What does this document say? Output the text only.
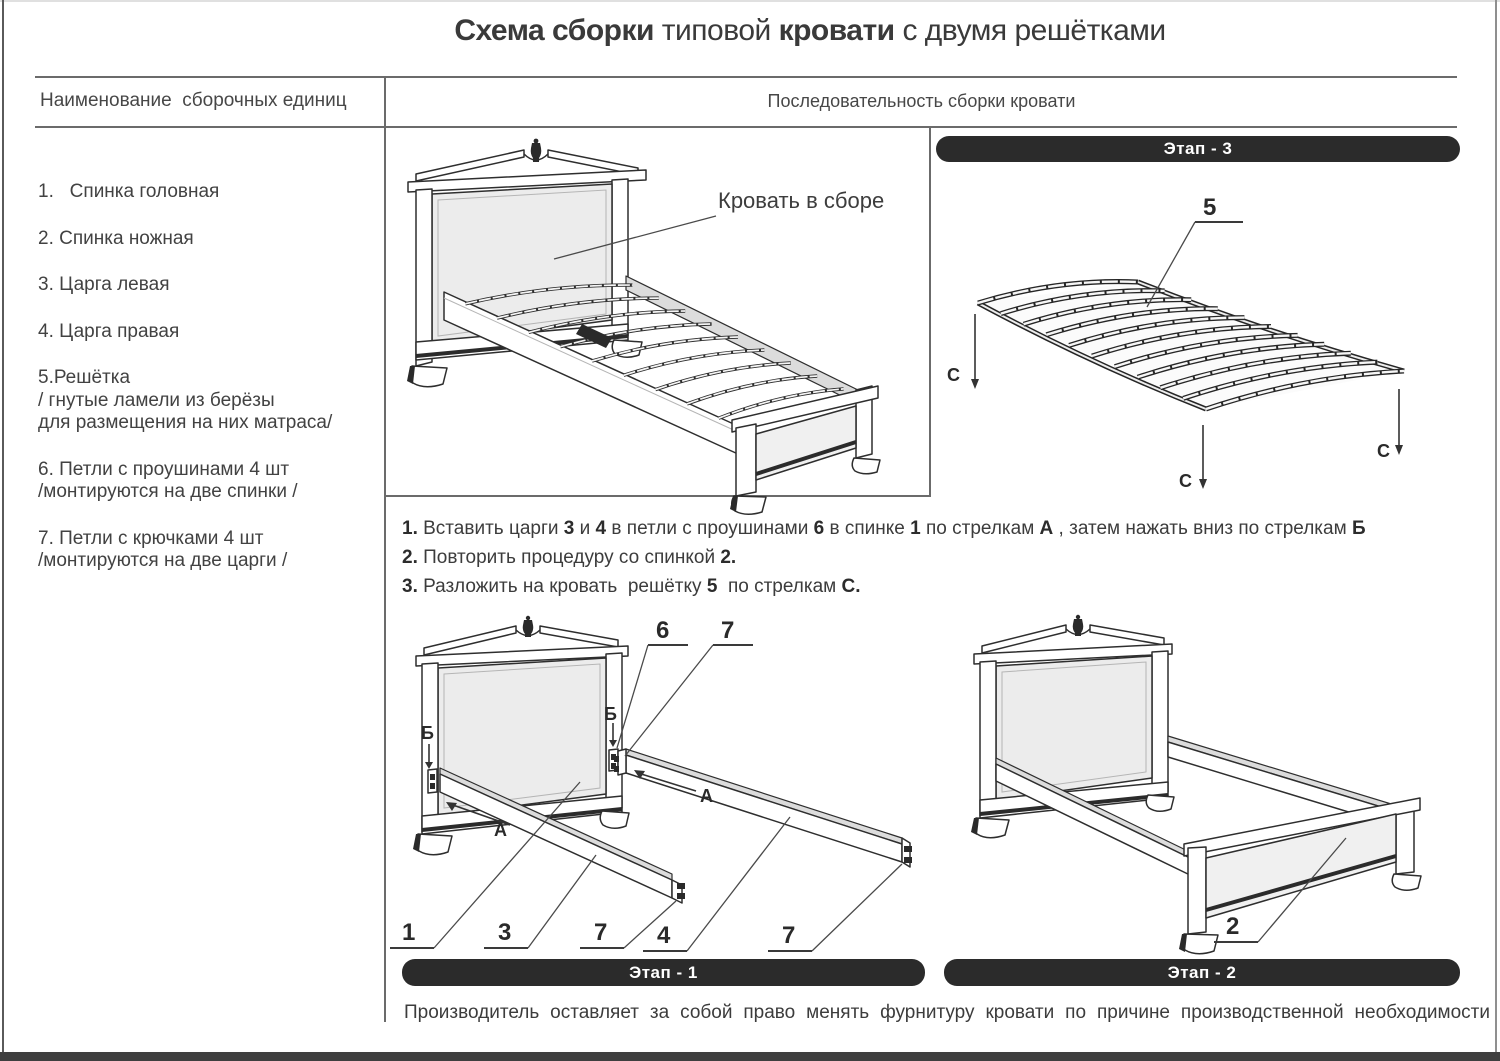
Схема сборки типовой кровати с двумя решётками
Наименование  сборочных единиц	Последовательность сборки кровати
1.   Спинка головная
2. Спинка ножная
3. Царга левая
4. Царга правая
5.Решётка
/ гнутые ламели из берёзы
для размещения на них матраса/
6. Петли с проушинами 4 шт
/монтируются на две спинки /
7. Петли с крючками 4 шт
/монтируются на две царги /
Кровать в сборе
Этап - 3
5
С
С
С
1. Вставить царги 3 и 4 в петли с проушинами 6 в спинке 1 по стрелкам А , затем нажать вниз по стрелкам Б
2. Повторить процедуру со спинкой 2.
3. Разложить на кровать  решётку 5  по стрелкам С.
Б
Б
А
А
6 7
1	3	7 4	7	2
Этап - 1	Этап - 2
Производитель оставляет за собой право менять фурнитуру кровати по причине производственной необходимости
